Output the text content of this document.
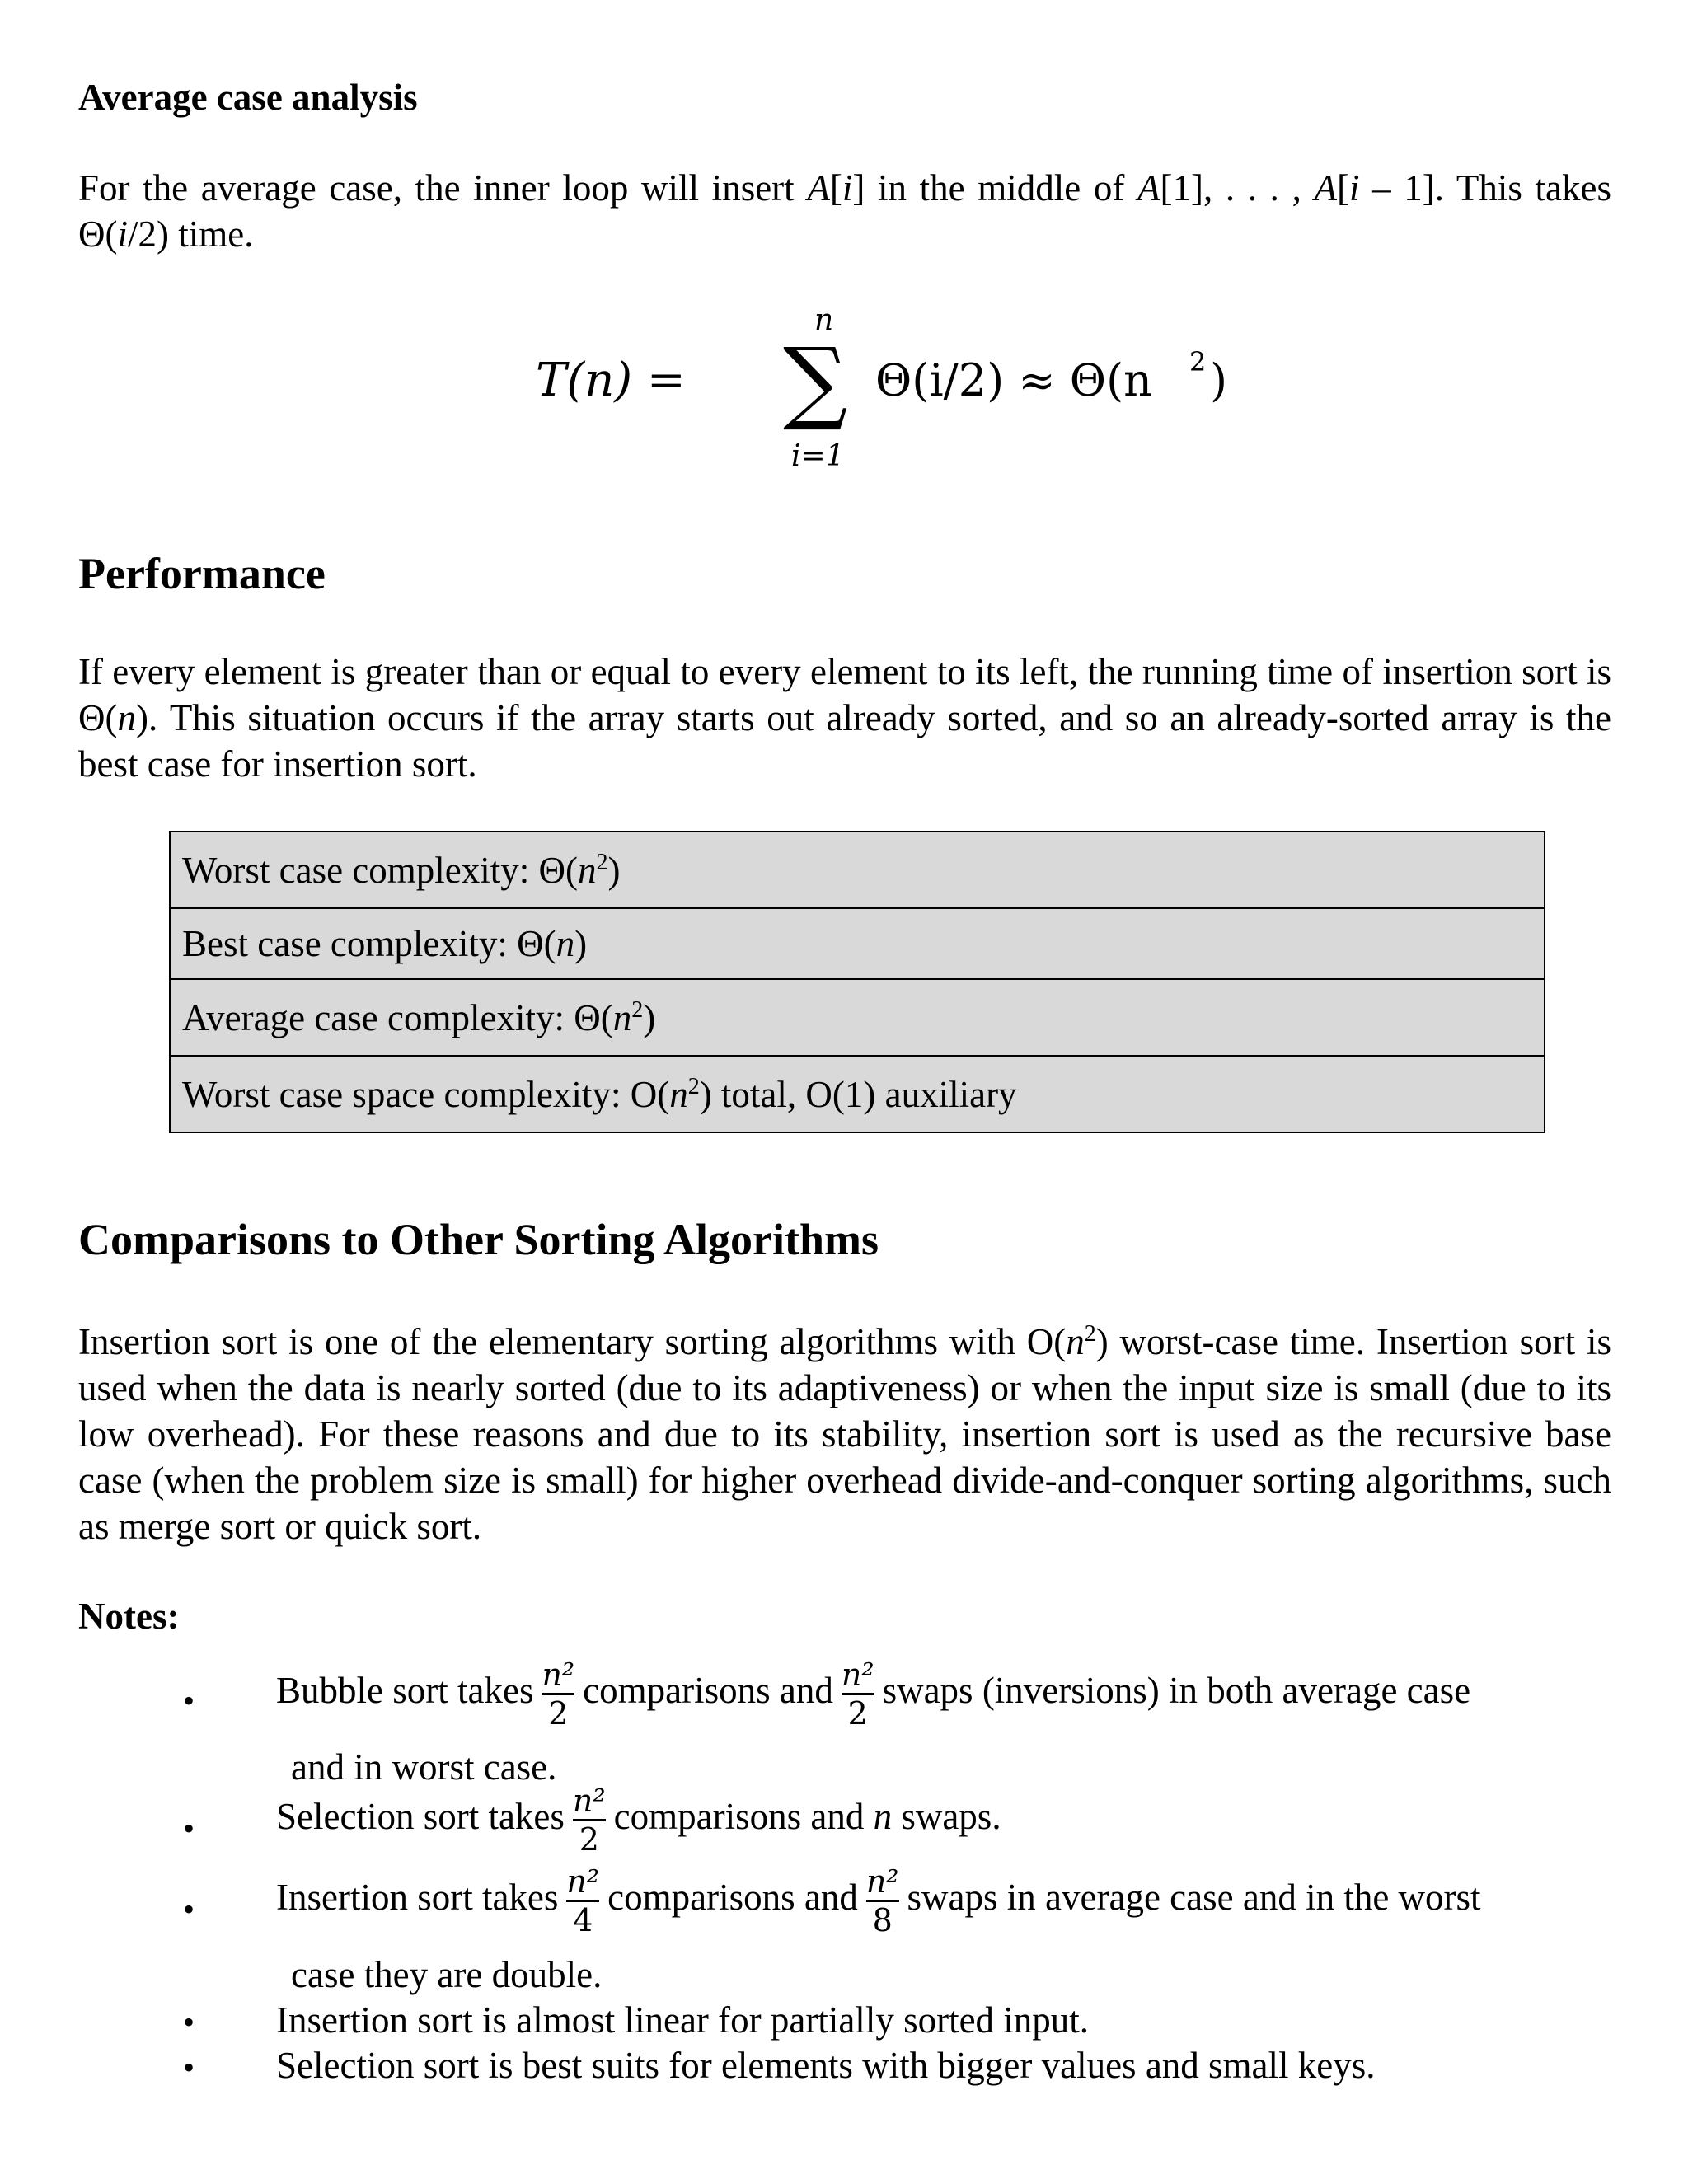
Average case analysis

For the average case, the inner loop will insert A[i] in the middle of A[1], . . . , A[i – 1]. This takes Θ(i/2) time.

T(n) =
n
∑
i=1
Θ(i/2) ≈ Θ(n 2 )
Performance

If every element is greater than or equal to every element to its left, the running time of insertion sort is Θ(n). This situation occurs if the array starts out already sorted, and so an already-sorted array is the best case for insertion sort.

Worst case complexity: $\Theta(n^2)$
Best case complexity: Θ(n)
Average case complexity: $\Theta(n^2)$
Worst case space complexity: $O(n^2)$ total, O(1) auxiliary
Comparisons to Other Sorting Algorithms

Insertion sort is one of the elementary sorting algorithms with $O(n^2)$ worst-case time. Insertion sort is used when the data is nearly sorted (due to its adaptiveness) or when the input size is small (due to its low overhead). For these reasons and due to its stability, insertion sort is used as the recursive base case (when the problem size is small) for higher overhead divide-and-conquer sorting algorithms, such as merge sort or quick sort.

Notes:
• Bubble sort takes $\frac{\text{n²}}{2}$ comparisons and $\frac{\text{n²}}{2}$ swaps (inversions) in both average case
and in worst case.
• Selection sort takes $\frac{\text{n²}}{2}$ comparisons and n swaps.
• Insertion sort takes $\frac{\text{n²}}{4}$ comparisons and $\frac{\text{n²}}{8}$ swaps in average case and in the worst
case they are double.
• Insertion sort is almost linear for partially sorted input.
• Selection sort is best suits for elements with bigger values and small keys.
